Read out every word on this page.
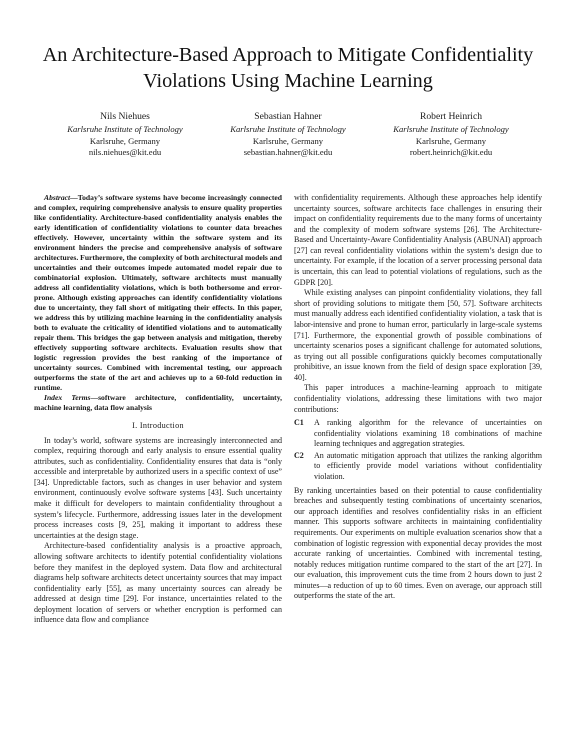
An Architecture-Based Approach to Mitigate Confidentiality Violations Using Machine Learning
Nils Niehues
Karlsruhe Institute of Technology
Karlsruhe, Germany
nils.niehues@kit.edu
Sebastian Hahner
Karlsruhe Institute of Technology
Karlsruhe, Germany
sebastian.hahner@kit.edu
Robert Heinrich
Karlsruhe Institute of Technology
Karlsruhe, Germany
robert.heinrich@kit.edu

Abstract—Today’s software systems have become increasingly connected and complex, requiring comprehensive analysis to ensure quality properties like confidentiality. Architecture-based confidentiality analysis enables the early identification of confidentiality violations to counter data breaches effectively. However, uncertainty within the software system and its environment hinders the precise and comprehensive analysis of software architectures. Furthermore, the complexity of both architectural models and uncertainties and their outcomes impede automated model repair due to combinatorial explosion. Ultimately, software architects must manually address all confidentiality violations, which is both bothersome and error-prone. Although existing approaches can identify confidentiality violations due to uncertainty, they fall short of mitigating their effects. In this paper, we address this by utilizing machine learning in the confidentiality analysis both to evaluate the criticality of identified violations and to automatically repair them. This bridges the gap between analysis and mitigation, thereby effectively supporting software architects. Evaluation results show that logistic regression provides the best ranking of the importance of uncertainty sources. Combined with incremental testing, our approach outperforms the state of the art and achieves up to a 60-fold reduction in runtime.

Index Terms—software architecture, confidentiality, uncertainty, machine learning, data flow analysis

I. Introduction

In today’s world, software systems are increasingly interconnected and complex, requiring thorough and early analysis to ensure essential quality attributes, such as confidentiality. Confidentiality ensures that data is “only accessible and interpretable by authorized users in a specific context of use” [34]. Unpredictable factors, such as changes in user behavior and system environment, continuously evolve software systems [43]. Such uncertainty make it difficult for developers to maintain confidentiality throughout a system’s lifecycle. Furthermore, addressing issues later in the development process increases costs [9, 25], making it important to address these uncertainties at the design stage.

Architecture-based confidentiality analysis is a proactive approach, allowing software architects to identify potential confidentiality violations before they manifest in the deployed system. Data flow and architectural diagrams help software architects detect uncertainty sources that may impact confidentiality early [55], as many uncertainty sources can already be addressed at design time [29]. For instance, uncertainties related to the deployment location of servers or whether encryption is performed can influence data flow and compliance

with confidentiality requirements. Although these approaches help identify uncertainty sources, software architects face challenges in ensuring their impact on confidentiality requirements due to the many forms of uncertainty and the complexity of modern software systems [26]. The Architecture-Based and Uncertainty-Aware Confidentiality Analysis (ABUNAI) approach [27] can reveal confidentiality violations within the system’s design due to uncertainty. For example, if the location of a server processing personal data is uncertain, this can lead to potential violations of regulations, such as the GDPR [20].

While existing analyses can pinpoint confidentiality violations, they fall short of providing solutions to mitigate them [50, 57]. Software architects must manually address each identified confidentiality violation, a task that is labor-intensive and prone to human error, particularly in large-scale systems [71]. Furthermore, the exponential growth of possible combinations of uncertainty scenarios poses a significant challenge for automated solutions, as trying out all possible configurations quickly becomes computationally prohibitive, an issue known from the field of design space exploration [39, 40].

This paper introduces a machine-learning approach to mitigate confidentiality violations, addressing these limitations with two major contributions:

C1 A ranking algorithm for the relevance of uncertainties on confidentiality violations examining 18 combinations of machine learning techniques and aggregation strategies.
C2 An automatic mitigation approach that utilizes the ranking algorithm to efficiently provide model variations without confidentiality violation.

By ranking uncertainties based on their potential to cause confidentiality breaches and subsequently testing combinations of uncertainty scenarios, our approach identifies and resolves confidentiality risks in an efficient manner. This supports software architects in maintaining confidentiality requirements. Our experiments on multiple evaluation scenarios show that a combination of logistic regression with exponential decay provides the most accurate ranking of uncertainties. Combined with incremental testing, notably reduces mitigation runtime compared to the start of the art [27]. In our evaluation, this improvement cuts the time from 2 hours down to just 2 minutes—a reduction of up to 60 times. Even on average, our approach still outperforms the state of the art.
